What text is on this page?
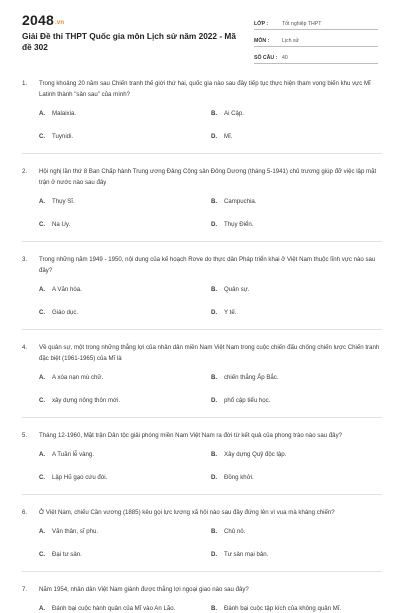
2048.vn
Giải Đề thi THPT Quốc gia môn Lịch sử năm 2022 - Mã đề 302
LỚP :	Tốt nghiệp THPT
MÔN :	Lịch sử
SỐ CÂU : 40
1.	Trong khoảng 20 năm sau Chiến tranh thế giới thứ hai, quốc gia nào sau đây tiếp tục thực hiện tham vọng biến khu vực Mĩ Latinh thành "sân sau" của mình?
A.	Malaixia.	B.	Ai Cập.
C.	Tuynidi.	D.	Mĩ.
2.	Hội nghị lần thứ 8 Ban Chấp hành Trung ương Đảng Cộng sản Đông Dương (tháng 5-1941) chủ trương giúp đỡ việc lập mặt trận ở nước nào sau đây
A.	Thụy Sĩ.	B.	Campuchia.
C.	Na Uy.	D.	Thụy Điển.
3.	Trong những năm 1949 - 1950, nội dung của kế hoạch Rơve do thực dân Pháp triển khai ở Việt Nam thuộc lĩnh vực nào sau đây?
A.	A Văn hóa.	B.	Quân sự.
C.	Giáo dục.	D.	Y tế.
4.	Về quân sự, một trong những thắng lợi của nhân dân miền Nam Việt Nam trong cuộc chiến đấu chống chiến lược Chiến tranh đặc biệt (1961-1965) của Mĩ là
A.	A xóa nạn mù chữ.	B.	chiến thắng Ấp Bắc.
C.	xây dựng nông thôn mới.	D.	phổ cập tiểu học.
5.	Tháng 12-1960, Mặt trận Dân tộc giải phóng miền Nam Việt Nam ra đời từ kết quả của phong trào nào sau đây?
A.	A Tuần lễ vàng.	B.	Xây dựng Quỹ độc lập.
C.	Lập Hũ gạo cứu đói.	D.	Đồng khởi.
6.	Ở Việt Nam, chiếu Cần vương (1885) kêu gọi lực lượng xã hội nào sau đây đứng lên vì vua mà kháng chiến?
A.	Văn thân, sĩ phu.	B.	Chủ nô.
C.	Đại tư sản.	D.	Tư sản mại bản.
7.	Năm 1954, nhân dân Việt Nam giành được thắng lợi ngoại giao nào sau đây?
A.	Đánh bại cuộc hành quân của Mĩ vào An Lão.	B.	Đánh bại cuộc tập kích của không quân Mĩ.
